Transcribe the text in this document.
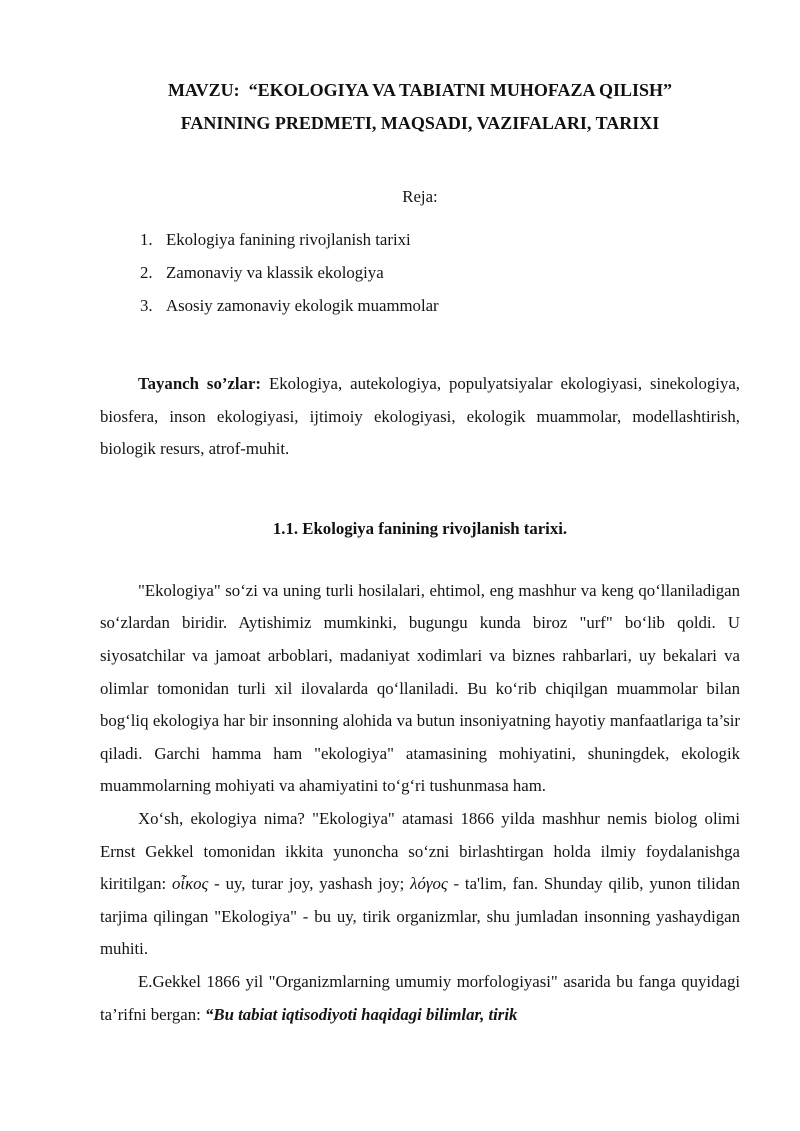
MAVZU:  “EKOLOGIYA VA TABIATNI MUHOFAZA QILISH”
FANINING PREDMETI, MAQSADI, VAZIFALARI, TARIXI

Reja:

1. Ekologiya fanining rivojlanish tarixi
2. Zamonaviy va klassik ekologiya
3. Asosiy zamonaviy ekologik muammolar

Tayanch so’zlar: Ekologiya, autekologiya, populyatsiyalar ekologiyasi, sinekologiya, biosfera, inson ekologiyasi, ijtimoiy ekologiyasi, ekologik muammolar, modellashtirish, biologik resurs, atrof-muhit.

1.1. Ekologiya fanining rivojlanish tarixi.

"Ekologiya" soʻzi va uning turli hosilalari, ehtimol, eng mashhur va keng qoʻllaniladigan soʻzlardan biridir. Aytishimiz mumkinki, bugungu kunda biroz "urf" boʻlib qoldi. U siyosatchilar va jamoat arboblari, madaniyat xodimlari va biznes rahbarlari, uy bekalari va olimlar tomonidan turli xil ilovalarda qoʻllaniladi. Bu koʻrib chiqilgan muammolar bilan bogʻliq ekologiya har bir insonning alohida va butun insoniyatning hayotiy manfaatlariga ta’sir qiladi. Garchi hamma ham "ekologiya" atamasining mohiyatini, shuningdek, ekologik muammolarning mohiyati va ahamiyatini toʻgʻri tushunmasa ham.

Xoʻsh, ekologiya nima? "Ekologiya" atamasi 1866 yilda mashhur nemis biolog olimi Ernst Gekkel tomonidan ikkita yunoncha soʻzni birlashtirgan holda ilmiy foydalanishga kiritilgan: οἶκος - uy, turar joy, yashash joy; λόγος - ta'lim, fan. Shunday qilib, yunon tilidan tarjima qilingan "Ekologiya" - bu uy, tirik organizmlar, shu jumladan insonning yashaydigan muhiti.

E.Gekkel 1866 yil "Organizmlarning umumiy morfologiyasi" asarida bu fanga quyidagi ta’rifni bergan: “Bu tabiat iqtisodiyoti haqidagi bilimlar, tirik
